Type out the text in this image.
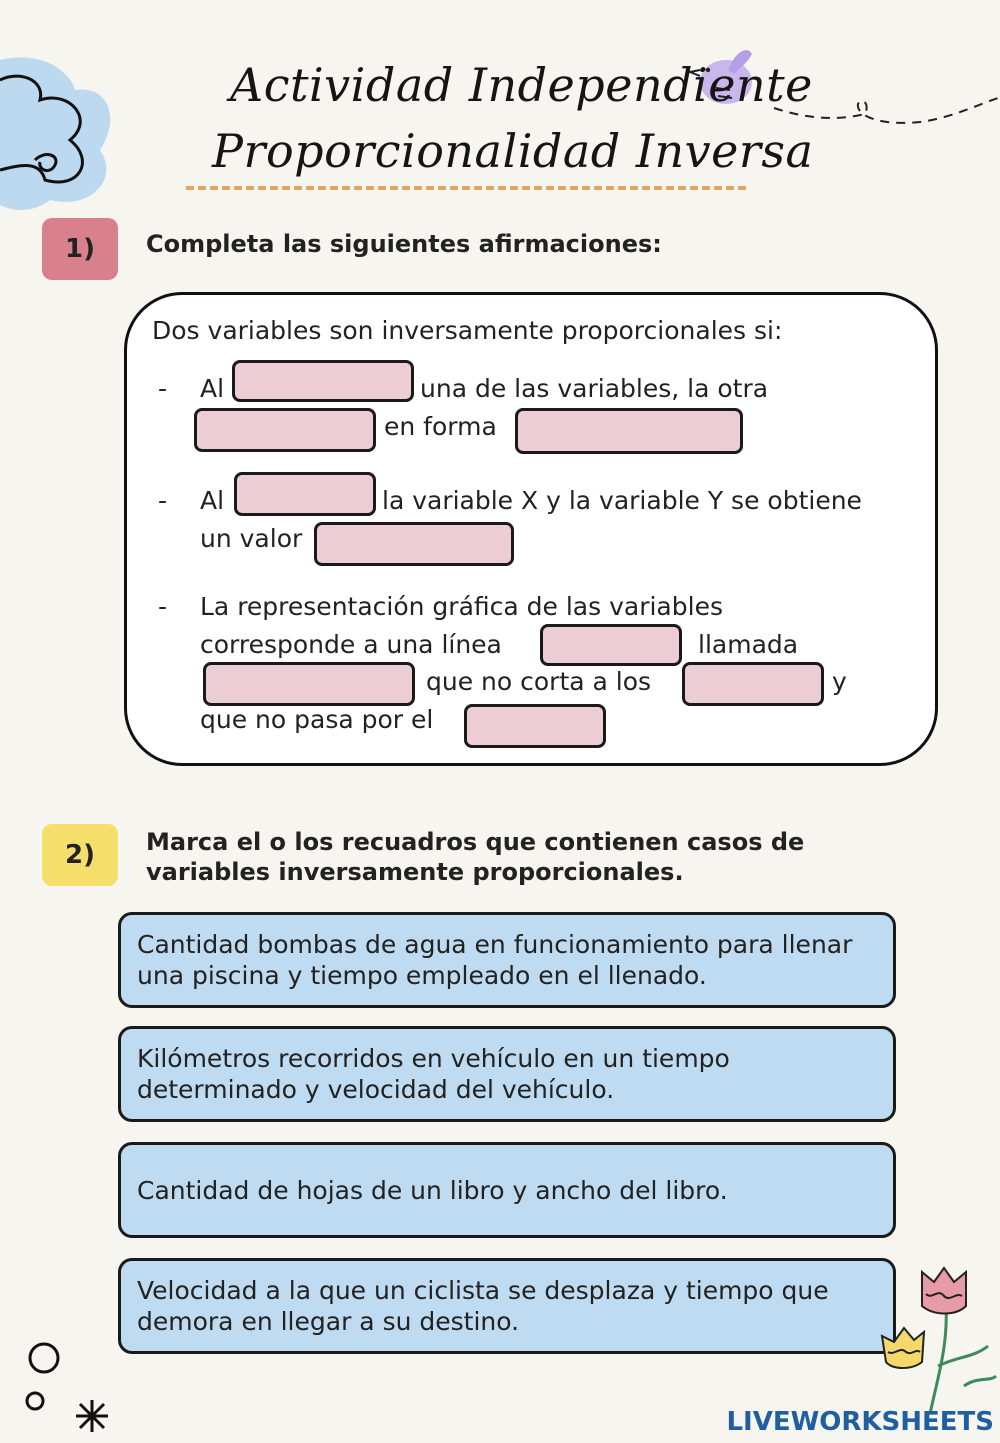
Actividad Independiente
Proporcionalidad Inversa
1)	Completa las siguientes afirmaciones:
Dos variables son inversamente proporcionales si:
- Al	una de las variables, la otra
en forma
- Al	la variable X y la variable Y se obtiene
un valor
- La representación gráfica de las variables
corresponde a una línea	llamada
que no corta a los	y
que no pasa por el
2)	Marca el o los recuadros que contienen casos de
variables inversamente proporcionales.
Cantidad bombas de agua en funcionamiento para llenar una piscina y tiempo empleado en el llenado.
Kilómetros recorridos en vehículo en un tiempo determinado y velocidad del vehículo.
Cantidad de hojas de un libro y ancho del libro.
Velocidad a la que un ciclista se desplaza y tiempo que demora en llegar a su destino.
LIVEWORKSHEETS
